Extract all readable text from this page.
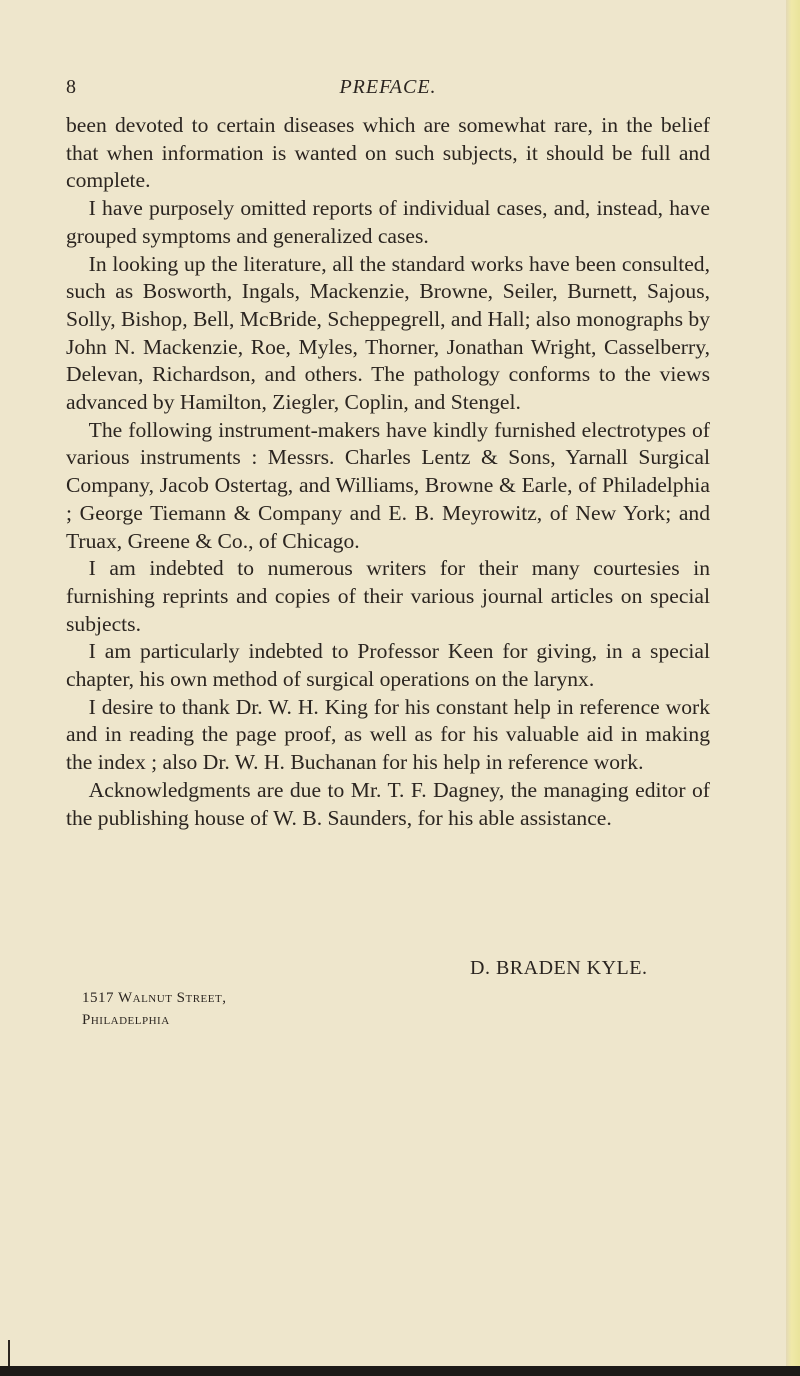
8	PREFACE.

been devoted to certain diseases which are somewhat rare, in the belief that when information is wanted on such subjects, it should be full and complete.

I have purposely omitted reports of individual cases, and, instead, have grouped symptoms and generalized cases.

In looking up the literature, all the standard works have been consulted, such as Bosworth, Ingals, Mackenzie, Browne, Seiler, Burnett, Sajous, Solly, Bishop, Bell, McBride, Scheppegrell, and Hall; also monographs by John N. Mackenzie, Roe, Myles, Thorner, Jonathan Wright, Casselberry, Delevan, Richardson, and others. The pathology conforms to the views advanced by Hamilton, Ziegler, Coplin, and Stengel.

The following instrument-makers have kindly furnished electrotypes of various instruments : Messrs. Charles Lentz & Sons, Yarnall Surgical Company, Jacob Ostertag, and Williams, Browne & Earle, of Philadelphia ; George Tiemann & Company and E. B. Meyrowitz, of New York; and Truax, Greene & Co., of Chicago.

I am indebted to numerous writers for their many courtesies in furnishing reprints and copies of their various journal articles on special subjects.

I am particularly indebted to Professor Keen for giving, in a special chapter, his own method of surgical operations on the larynx.

I desire to thank Dr. W. H. King for his constant help in reference work and in reading the page proof, as well as for his valuable aid in making the index ; also Dr. W. H. Buchanan for his help in reference work.

Acknowledgments are due to Mr. T. F. Dagney, the managing editor of the publishing house of W. B. Saunders, for his able assistance.

D. BRADEN KYLE.
1517 Walnut Street,
Philadelphia
